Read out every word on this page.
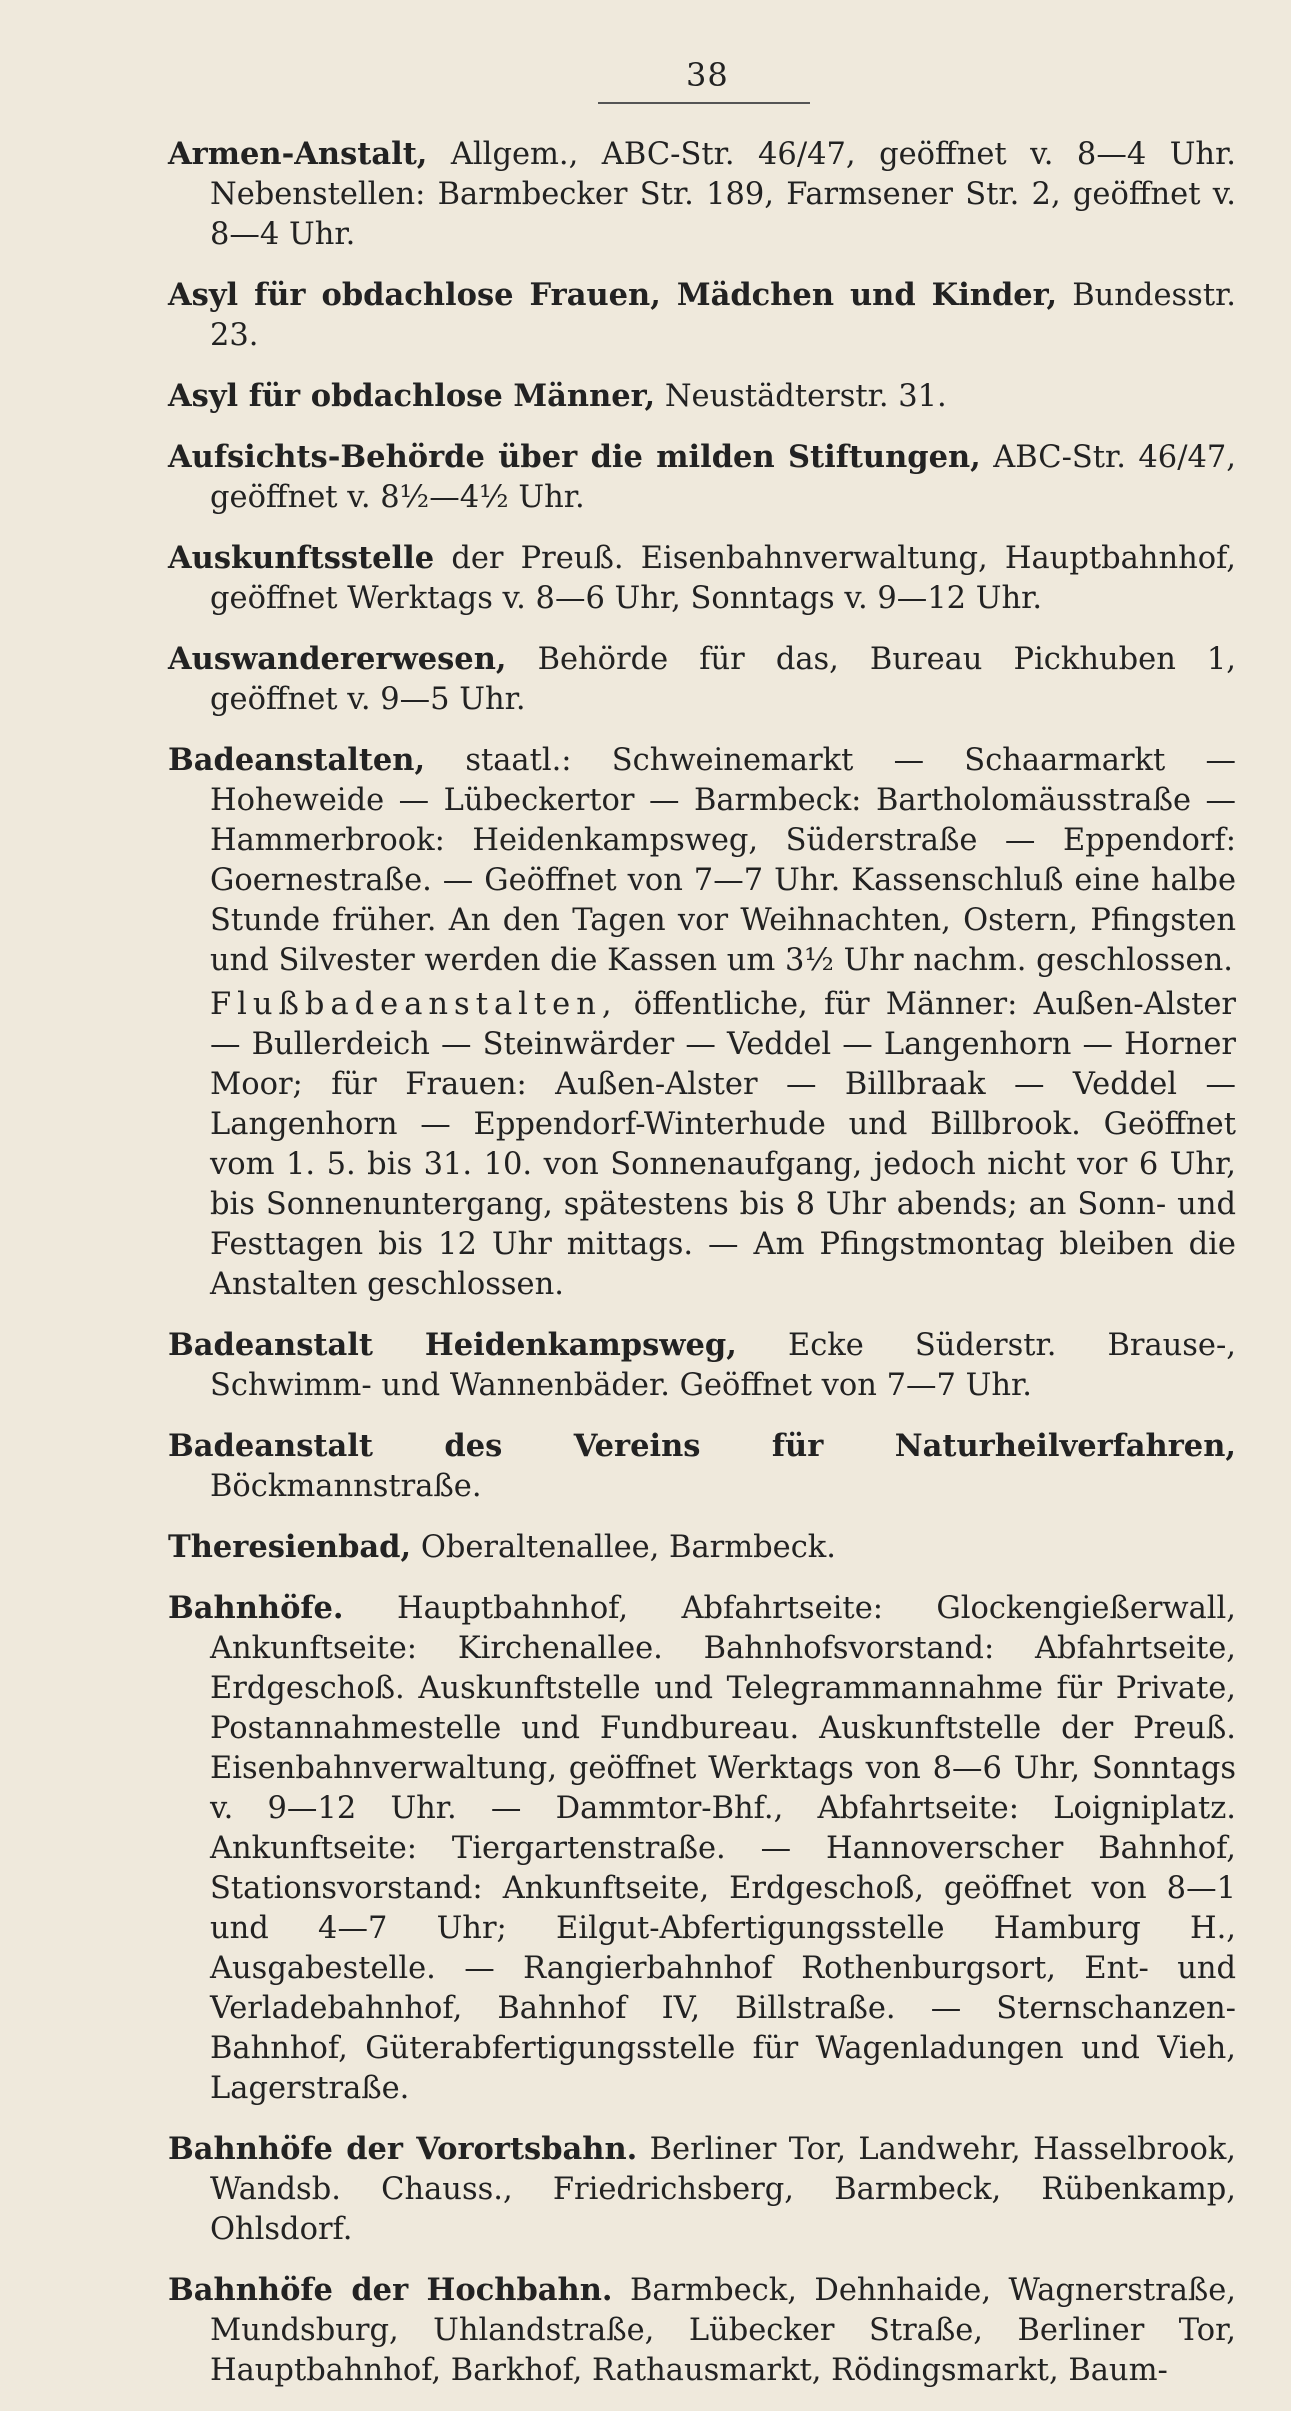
38

Armen-Anstalt, Allgem., ABC-Str. 46/47, geöffnet v. 8—4 Uhr. Nebenstellen: Barmbecker Str. 189, Farmsener Str. 2, geöffnet v. 8—4 Uhr.

Asyl für obdachlose Frauen, Mädchen und Kinder, Bundesstr. 23.

Asyl für obdachlose Männer, Neustädterstr. 31.

Aufsichts-Behörde über die milden Stiftungen, ABC-Str. 46/47, geöffnet v. 8½—4½ Uhr.

Auskunftsstelle der Preuß. Eisenbahnverwaltung, Hauptbahnhof, geöffnet Werktags v. 8—6 Uhr, Sonntags v. 9—12 Uhr.

Auswandererwesen, Behörde für das, Bureau Pickhuben 1, geöffnet v. 9—5 Uhr.

Badeanstalten, staatl.: Schweinemarkt — Schaarmarkt — Hoheweide — Lübeckertor — Barmbeck: Bartholomäusstraße — Hammerbrook: Heidenkampsweg, Süderstraße — Eppendorf: Goernestraße. — Geöffnet von 7—7 Uhr. Kassenschluß eine halbe Stunde früher. An den Tagen vor Weihnachten, Ostern, Pfingsten und Silvester werden die Kassen um 3½ Uhr nachm. geschlossen.

Flußbadeanstalten, öffentliche, für Männer: Außen-Alster — Bullerdeich — Steinwärder — Veddel — Langenhorn — Horner Moor; für Frauen: Außen-Alster — Billbraak — Veddel — Langenhorn — Eppendorf-Winterhude und Billbrook. Geöffnet vom 1. 5. bis 31. 10. von Sonnenaufgang, jedoch nicht vor 6 Uhr, bis Sonnenuntergang, spätestens bis 8 Uhr abends; an Sonn- und Festtagen bis 12 Uhr mittags. — Am Pfingstmontag bleiben die Anstalten geschlossen.

Badeanstalt Heidenkampsweg, Ecke Süderstr. Brause-, Schwimm- und Wannenbäder. Geöffnet von 7—7 Uhr.

Badeanstalt des Vereins für Naturheilverfahren, Böckmannstraße.

Theresienbad, Oberaltenallee, Barmbeck.

Bahnhöfe. Hauptbahnhof, Abfahrtseite: Glockengießerwall, Ankunftseite: Kirchenallee. Bahnhofsvorstand: Abfahrtseite, Erdgeschoß. Auskunftstelle und Telegrammannahme für Private, Postannahmestelle und Fundbureau. Auskunftstelle der Preuß. Eisenbahnverwaltung, geöffnet Werktags von 8—6 Uhr, Sonntags v. 9—12 Uhr. — Dammtor-Bhf., Abfahrtseite: Loigniplatz. Ankunftseite: Tiergartenstraße. — Hannoverscher Bahnhof, Stationsvorstand: Ankunftseite, Erdgeschoß, geöffnet von 8—1 und 4—7 Uhr; Eilgut-Abfertigungsstelle Hamburg H., Ausgabestelle. — Rangierbahnhof Rothenburgsort, Ent- und Verladebahnhof, Bahnhof IV, Billstraße. — Sternschanzen-Bahnhof, Güterabfertigungsstelle für Wagenladungen und Vieh, Lagerstraße.

Bahnhöfe der Vorortsbahn. Berliner Tor, Landwehr, Hasselbrook, Wandsb. Chauss., Friedrichsberg, Barmbeck, Rübenkamp, Ohlsdorf.

Bahnhöfe der Hochbahn. Barmbeck, Dehnhaide, Wagnerstraße, Mundsburg, Uhlandstraße, Lübecker Straße, Berliner Tor, Hauptbahnhof, Barkhof, Rathausmarkt, Rödingsmarkt, Baum-
